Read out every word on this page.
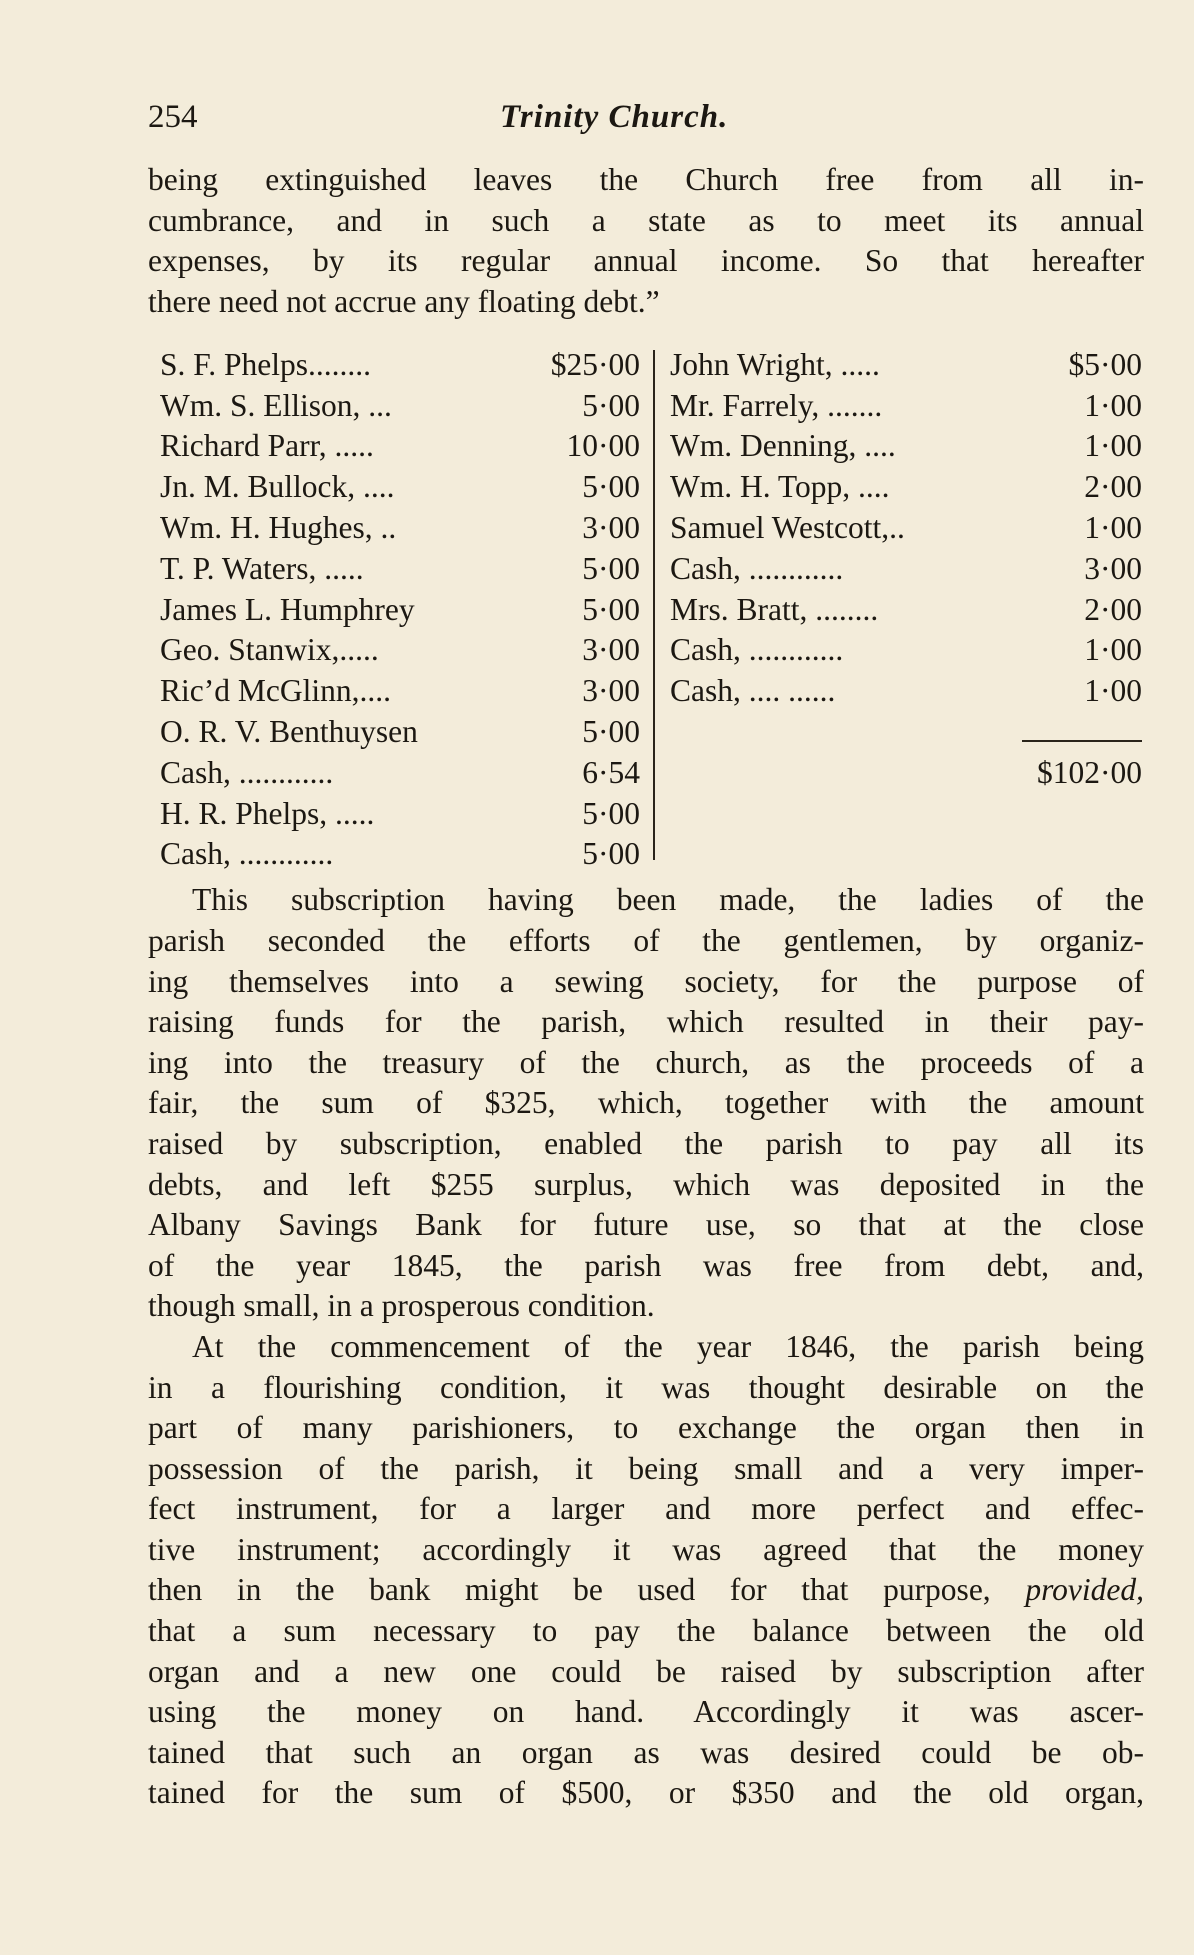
254	Trinity Church.
being extinguished leaves the Church free from all in-
cumbrance, and in such a state as to meet its annual
expenses, by its regular annual income. So that hereafter
there need not accrue any floating debt.”
S. F. Phelps........	$25·00
Wm. S. Ellison, ...	5·00
Richard Parr, .....	10·00
Jn. M. Bullock, ....	5·00
Wm. H. Hughes, ..	3·00
T. P. Waters, .....	5·00
James L. Humphrey	5·00
Geo. Stanwix,.....	3·00
Ric’d McGlinn,....	3·00
O. R. V. Benthuysen	5·00
Cash, ............	6·54
H. R. Phelps, .....	5·00
Cash, ............	5·00
John Wright, .....	$5·00
Mr. Farrely, .......	1·00
Wm. Denning, ....	1·00
Wm. H. Topp, ....	2·00
Samuel Westcott,..	1·00
Cash, ............	3·00
Mrs. Bratt, ........	2·00
Cash, ............	1·00
Cash, .... ......	1·00
$102·00
This subscription having been made, the ladies of the
parish seconded the efforts of the gentlemen, by organiz-
ing themselves into a sewing society, for the purpose of
raising funds for the parish, which resulted in their pay-
ing into the treasury of the church, as the proceeds of a
fair, the sum of $325, which, together with the amount
raised by subscription, enabled the parish to pay all its
debts, and left $255 surplus, which was deposited in the
Albany Savings Bank for future use, so that at the close
of the year 1845, the parish was free from debt, and,
though small, in a prosperous condition.
At the commencement of the year 1846, the parish being
in a flourishing condition, it was thought desirable on the
part of many parishioners, to exchange the organ then in
possession of the parish, it being small and a very imper-
fect instrument, for a larger and more perfect and effec-
tive instrument; accordingly it was agreed that the money
then in the bank might be used for that purpose, provided,
that a sum necessary to pay the balance between the old
organ and a new one could be raised by subscription after
using the money on hand. Accordingly it was ascer-
tained that such an organ as was desired could be ob-
tained for the sum of $500, or $350 and the old organ,
